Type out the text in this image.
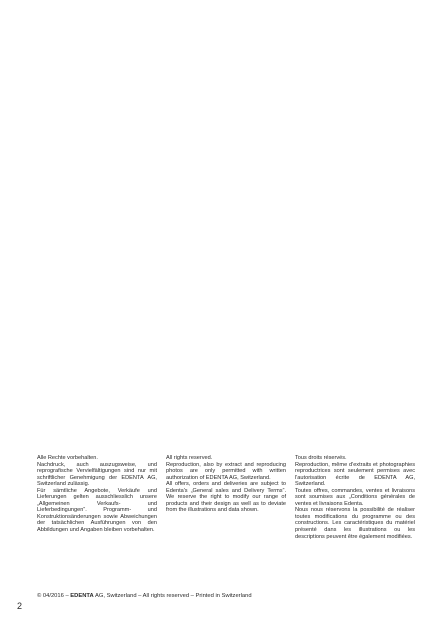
Alle Rechte vorbehalten.

Nachdruck, auch auszugsweise, und reprografische Vervielfältigungen sind nur mit schriftlicher Genehmigung der EDENTA AG, Switzerland zulässig.

Für sämtliche Angebote, Verkäufe und Lieferungen gelten ausschliesslich unsere „Allgemeinen Verkaufs- und Lieferbedingungen“. Programm- und Konstruktionsänderungen sowie Abweichungen der tatsächlichen Ausführungen von den Abbildungen und Angaben bleiben vorbehalten.

All rights reserved.

Reproduction, also by extract and reproducing photos are only permitted with written authorization of EDENTA AG, Switzerland.

All offers, orders and deliveries are subject to Edenta's „General sales and Delivery Terms“. We reserve the right to modify our range of products and their design as well as to deviate from the illustrations and data shown.

Tous droits réservés.

Reproduction, même d'extraits et photographies reproductrices sont seulement permises avec l'autorisation écrite de EDENTA AG, Switzerland.

Toutes offres, commandes, ventes et livraisons sont soumises aux „Conditions générales de ventes et livraisons Edenta.

Nous nous réservons la possibilité de réaliser toutes modifications du programme ou des constructions. Les caractéristiques du matériel présenté dans les illustrations ou les descriptions peuvent être également modifiées.

© 04/2016 – EDENTA AG, Switzerland – All rights reserved – Printed in Switzerland
2
